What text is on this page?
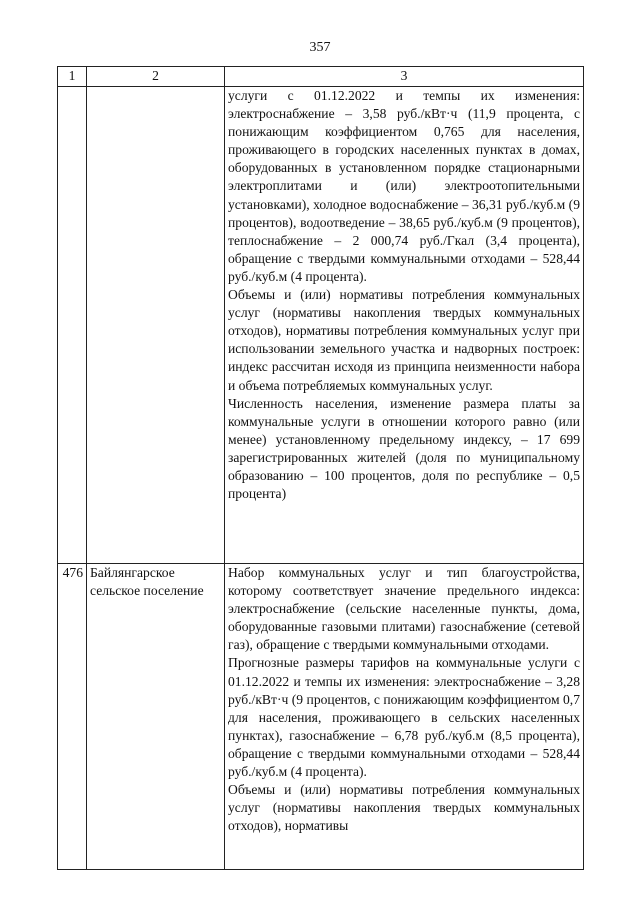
357
1	2	3

		услуги с 01.12.2022 и темпы их изменения: электроснабжение – 3,58 руб./кВт·ч (11,9 процента, с понижающим коэффициентом 0,765 для населения, проживающего в городских населенных пунктах в домах, оборудованных в установленном порядке стационарными электроплитами и (или) электроотопительными установками), холодное водоснабжение – 36,31 руб./куб.м (9 процентов), водоотведение – 38,65 руб./куб.м (9 процентов), теплоснабжение – 2 000,74 руб./Гкал (3,4 процента), обращение с твердыми коммунальными отходами – 528,44 руб./куб.м (4 процента).

Объемы и (или) нормативы потребления коммунальных услуг (нормативы накопления твердых коммунальных отходов), нормативы потребления коммунальных услуг при использовании земельного участка и надворных построек: индекс рассчитан исходя из принципа неизменности набора и объема потребляемых коммунальных услуг.

Численность населения, изменение размера платы за коммунальные услуги в отношении которого равно (или менее) установленному предельному индексу, – 17 699 зарегистрированных жителей (доля по муниципальному образованию – 100 процентов, доля по республике – 0,5 процента)

476	Байлянгарское сельское поселение	Набор коммунальных услуг и тип благоустройства, которому соответствует значение предельного индекса: электроснабжение (сельские населенные пункты, дома, оборудованные газовыми плитами) газоснабжение (сетевой газ), обращение с твердыми коммунальными отходами.

Прогнозные размеры тарифов на коммунальные услуги с 01.12.2022 и темпы их изменения: электроснабжение – 3,28 руб./кВт·ч (9 процентов, с понижающим коэффициентом 0,7 для населения, проживающего в сельских населенных пунктах), газоснабжение – 6,78 руб./куб.м (8,5 процента), обращение с твердыми коммунальными отходами – 528,44 руб./куб.м (4 процента).

Объемы и (или) нормативы потребления коммунальных услуг (нормативы накопления твердых коммунальных отходов), нормативы
